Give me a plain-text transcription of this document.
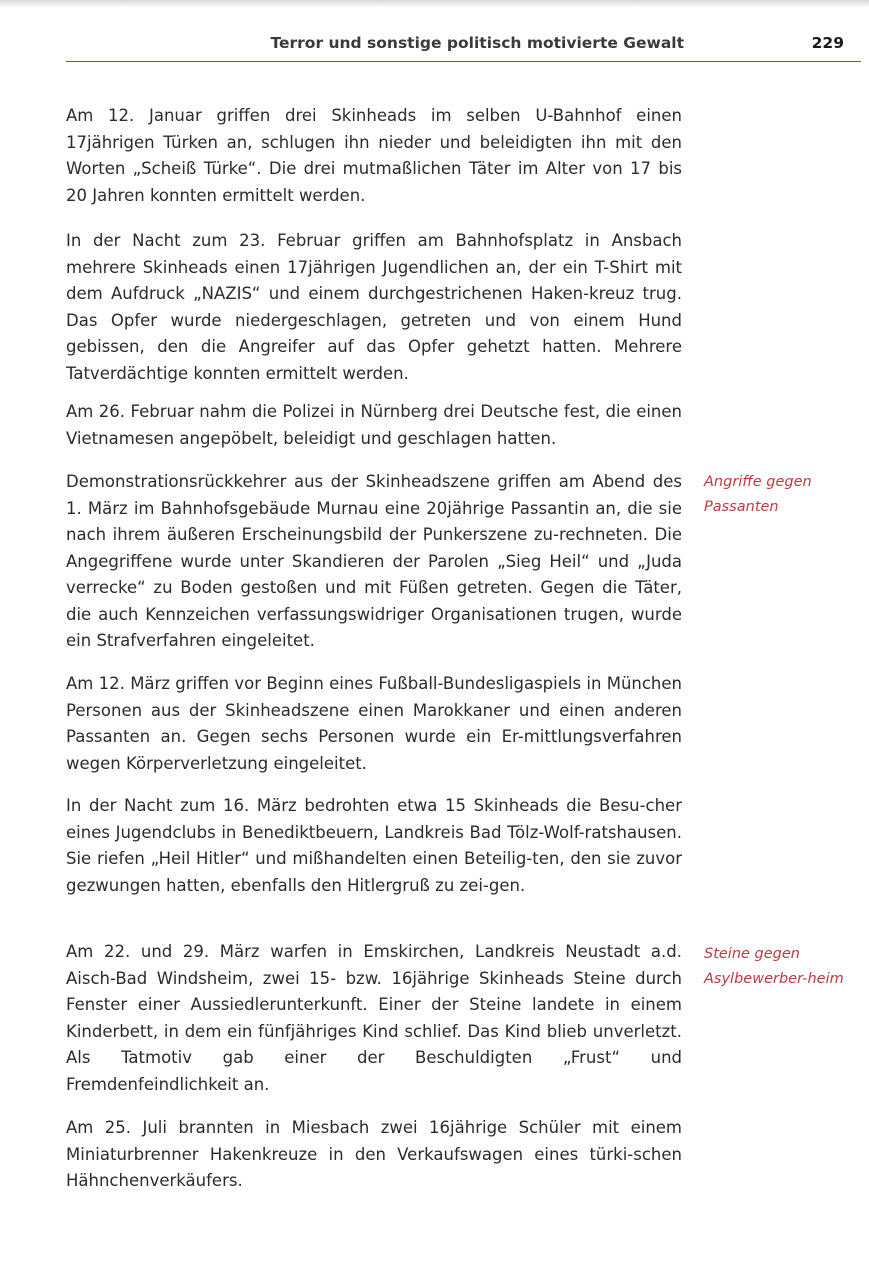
Terror und sonstige politisch motivierte Gewalt	229

Am 12. Januar griffen drei Skinheads im selben U-Bahnhof einen 17jährigen Türken an, schlugen ihn nieder und beleidigten ihn mit den Worten „Scheiß Türke“. Die drei mutmaßlichen Täter im Alter von 17 bis 20 Jahren konnten ermittelt werden.

In der Nacht zum 23. Februar griffen am Bahnhofsplatz in Ansbach mehrere Skinheads einen 17jährigen Jugendlichen an, der ein T-Shirt mit dem Aufdruck „NAZIS“ und einem durchgestrichenen Haken-kreuz trug. Das Opfer wurde niedergeschlagen, getreten und von einem Hund gebissen, den die Angreifer auf das Opfer gehetzt hatten. Mehrere Tatverdächtige konnten ermittelt werden.

Am 26. Februar nahm die Polizei in Nürnberg drei Deutsche fest, die einen Vietnamesen angepöbelt, beleidigt und geschlagen hatten.

Demonstrationsrückkehrer aus der Skinheadszene griffen am Abend des 1. März im Bahnhofsgebäude Murnau eine 20jährige Passantin an, die sie nach ihrem äußeren Erscheinungsbild der Punkerszene zu-rechneten. Die Angegriffene wurde unter Skandieren der Parolen „Sieg Heil“ und „Juda verrecke“ zu Boden gestoßen und mit Füßen getreten. Gegen die Täter, die auch Kennzeichen verfassungswidriger Organisationen trugen, wurde ein Strafverfahren eingeleitet.

Am 12. März griffen vor Beginn eines Fußball-Bundesligaspiels in München Personen aus der Skinheadszene einen Marokkaner und einen anderen Passanten an. Gegen sechs Personen wurde ein Er-mittlungsverfahren wegen Körperverletzung eingeleitet.

In der Nacht zum 16. März bedrohten etwa 15 Skinheads die Besu-cher eines Jugendclubs in Benediktbeuern, Landkreis Bad Tölz-Wolf-ratshausen. Sie riefen „Heil Hitler“ und mißhandelten einen Beteilig-ten, den sie zuvor gezwungen hatten, ebenfalls den Hitlergruß zu zei-gen.

Am 22. und 29. März warfen in Emskirchen, Landkreis Neustadt a.d. Aisch-Bad Windsheim, zwei 15- bzw. 16jährige Skinheads Steine durch Fenster einer Aussiedlerunterkunft. Einer der Steine landete in einem Kinderbett, in dem ein fünfjähriges Kind schlief. Das Kind blieb unverletzt. Als Tatmotiv gab einer der Beschuldigten „Frust“ und Fremdenfeindlichkeit an.

Am 25. Juli brannten in Miesbach zwei 16jährige Schüler mit einem Miniaturbrenner Hakenkreuze in den Verkaufswagen eines türki-schen Hähnchenverkäufers.

Angriffe gegen Passanten

Steine gegen Asylbewerber-heim
